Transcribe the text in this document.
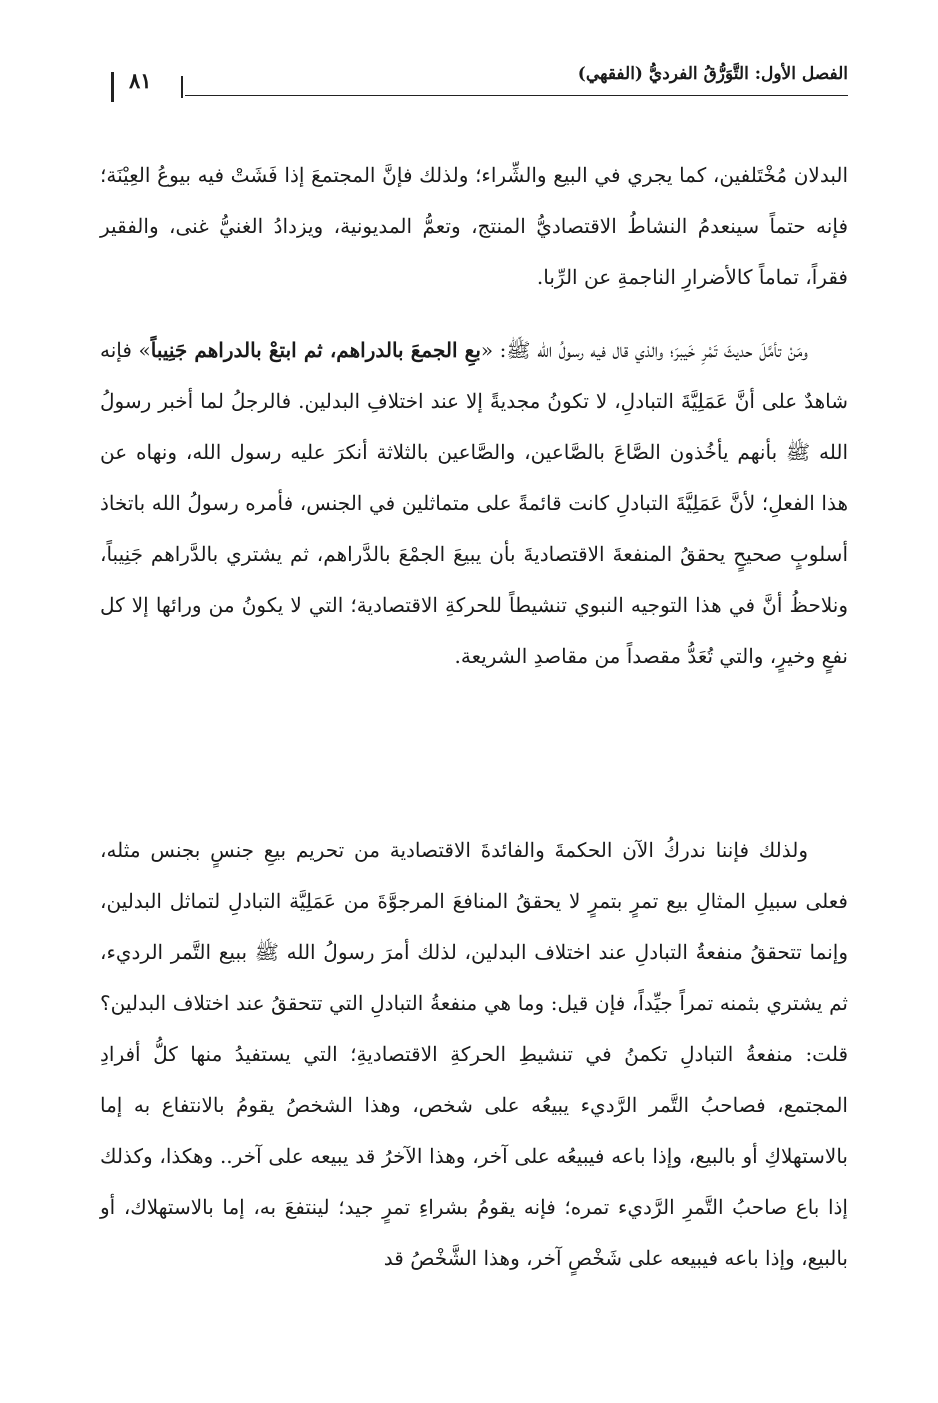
٨١	الفصل الأول: التَّوَرُّقُ الفرديُّ (الفقهي)

البدلان مُخْتَلفين، كما يجري في البيع والشِّراء؛ ولذلك فإنَّ المجتمعَ إذا فَشَتْ فيه بيوعُ العِيْنَة؛ فإنه حتماً سينعدمُ النشاطُ الاقتصاديُّ المنتج، وتعمُّ المديونية، ويزدادُ الغنيُّ غنى، والفقير فقراً، تماماً كالأضرارِ الناجمةِ عن الرِّبا.

ومَنْ تأمَّلَ حديثَ تَمْرِ خَيبرَ؛ والذي قال فيه رسولُ الله ﷺ: «بعِ الجمعَ بالدراهم، ثم ابتعْ بالدراهم جَنِيباً» فإنه شاهدٌ على أنَّ عَمَلِيَّةَ التبادلِ، لا تكونُ مجديةً إلا عند اختلافِ البدلين. فالرجلُ لما أخبر رسولُ الله ﷺ بأنهم يأخُذون الصَّاعَ بالصَّاعين، والصَّاعين بالثلاثة أنكرَ عليه رسول الله، ونهاه عن هذا الفعلِ؛ لأنَّ عَمَلِيَّةَ التبادلِ كانت قائمةً على متماثلين في الجنس، فأمره رسولُ الله باتخاذ أسلوبٍ صحيحٍ يحققُ المنفعةَ الاقتصاديةَ بأن يبيعَ الجمْعَ بالدَّراهم، ثم يشتري بالدَّراهم جَنِيباً، ونلاحظُ أنَّ في هذا التوجيه النبوي تنشيطاً للحركةِ الاقتصادية؛ التي لا يكونُ من ورائها إلا كل نفعٍ وخيرٍ، والتي تُعَدُّ مقصداً من مقاصدِ الشريعة.

ولذلك فإننا ندركُ الآن الحكمةَ والفائدةَ الاقتصادية من تحريم بيعِ جنسٍ بجنس مثله، فعلى سبيلِ المثالِ بيع تمرٍ بتمرٍ لا يحققُ المنافعَ المرجوَّةَ من عَمَلِيَّة التبادلِ لتماثل البدلين، وإنما تتحققُ منفعةُ التبادلِ عند اختلاف البدلين، لذلك أمرَ رسولُ الله ﷺ ببيع التَّمر الرديء، ثم يشتري بثمنه تمراً جيِّداً، فإن قيل: وما هي منفعةُ التبادلِ التي تتحققُ عند اختلاف البدلين؟ قلت: منفعةُ التبادلِ تكمنُ في تنشيطِ الحركةِ الاقتصاديةِ؛ التي يستفيدُ منها كلُّ أفرادِ المجتمع، فصاحبُ التَّمر الرَّديء يبيعُه على شخص، وهذا الشخصُ يقومُ بالانتفاع به إما بالاستهلاكِ أو بالبيع، وإذا باعه فيبيعُه على آخر، وهذا الآخرُ قد يبيعه على آخر.. وهكذا، وكذلك إذا باع صاحبُ التَّمرِ الرَّديء تمره؛ فإنه يقومُ بشراءِ تمرٍ جيد؛ لينتفعَ به، إما بالاستهلاك، أو بالبيع، وإذا باعه فيبيعه على شَخْصٍ آخر، وهذا الشَّخْصُ قد
